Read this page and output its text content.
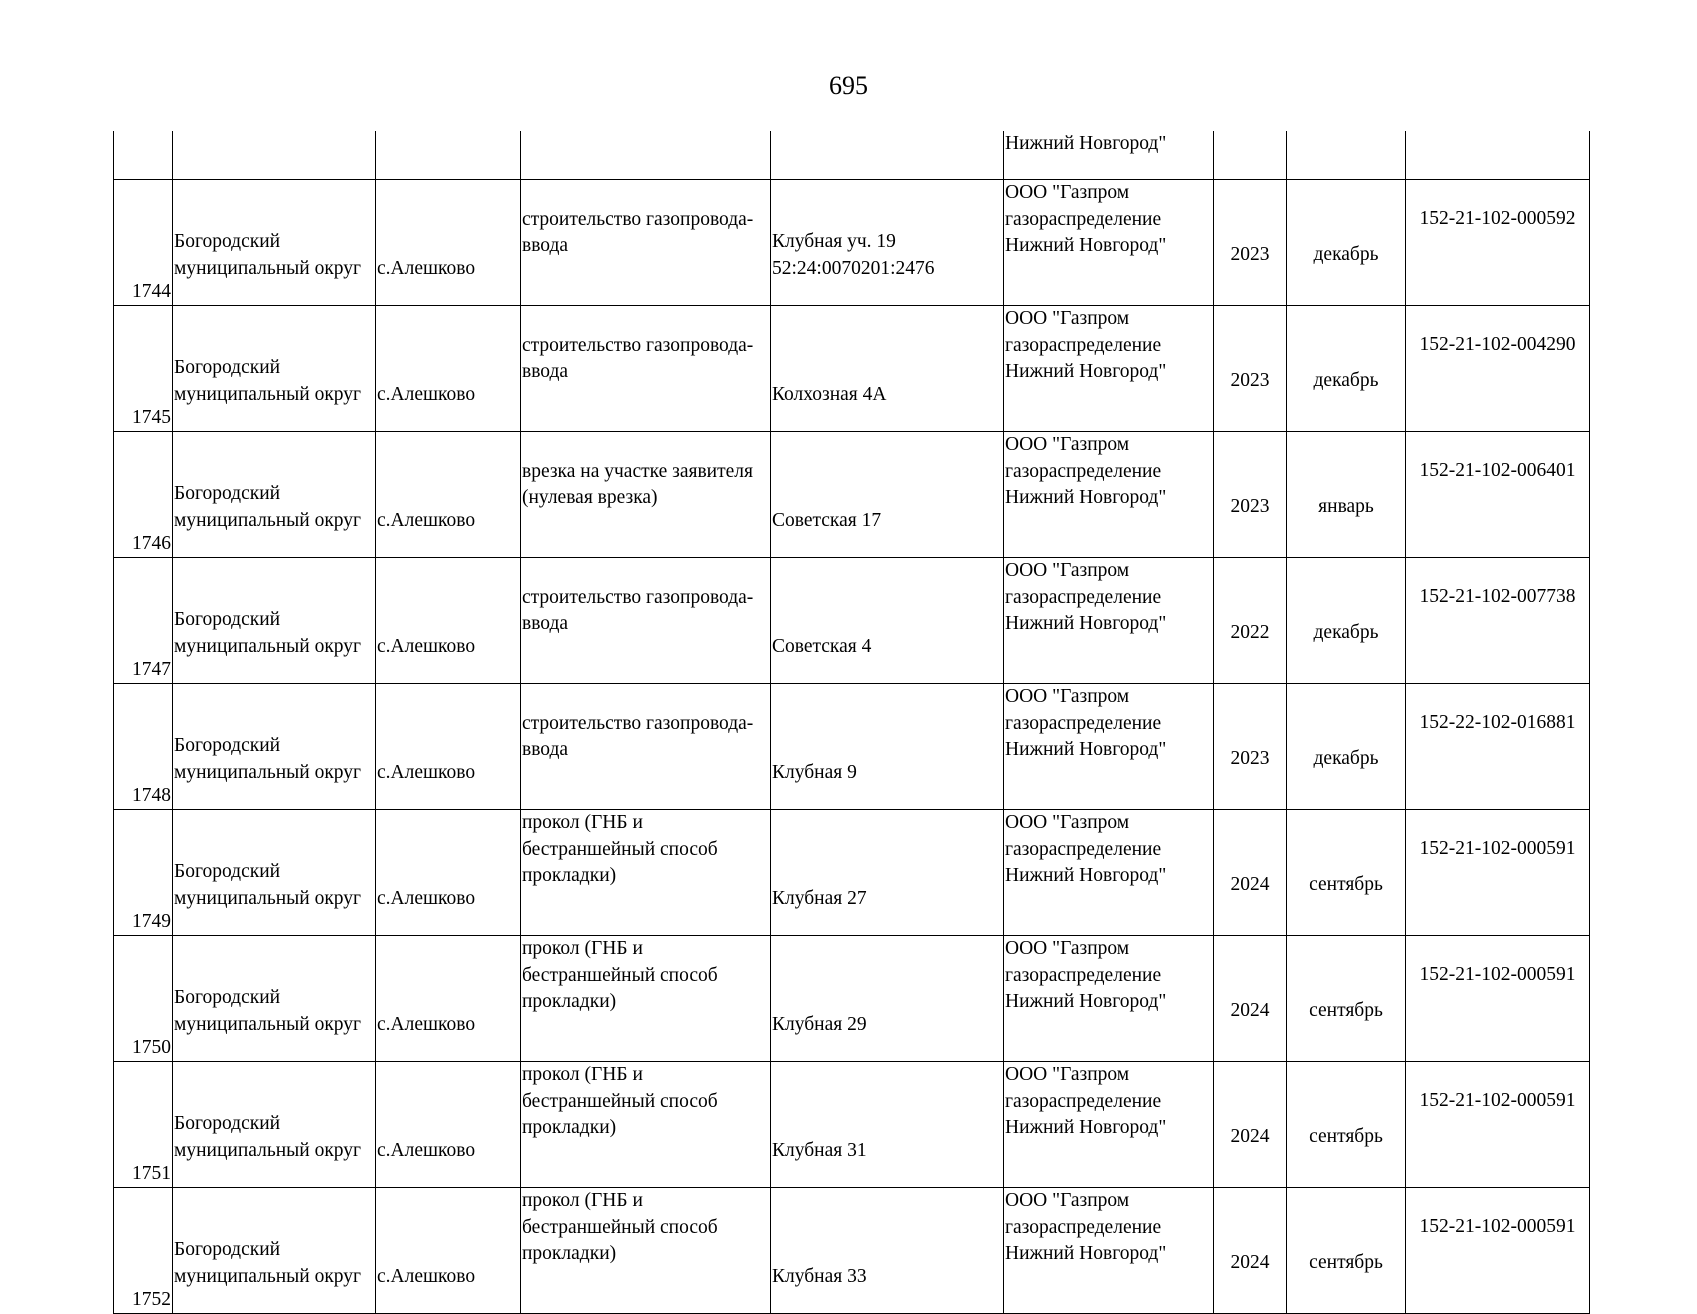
695

					Нижний Новгород"			

1744	Богородский
муниципальный округ	с.Алешково	строительство газопровода-
ввода	Клубная уч. 19
52:24:0070201:2476	ООО "Газпром
газораспределение
Нижний Новгород"	2023	декабрь	152-21-102-000592

1745	Богородский
муниципальный округ	с.Алешково	строительство газопровода-
ввода	Колхозная 4А	ООО "Газпром
газораспределение
Нижний Новгород"	2023	декабрь	152-21-102-004290

1746	Богородский
муниципальный округ	с.Алешково	врезка на участке заявителя
(нулевая врезка)	Советская 17	ООО "Газпром
газораспределение
Нижний Новгород"	2023	январь	152-21-102-006401

1747	Богородский
муниципальный округ	с.Алешково	строительство газопровода-
ввода	Советская 4	ООО "Газпром
газораспределение
Нижний Новгород"	2022	декабрь	152-21-102-007738

1748	Богородский
муниципальный округ	с.Алешково	строительство газопровода-
ввода	Клубная 9	ООО "Газпром
газораспределение
Нижний Новгород"	2023	декабрь	152-22-102-016881

1749	Богородский
муниципальный округ	с.Алешково	прокол (ГНБ и
бестраншейный способ
прокладки)	Клубная 27	ООО "Газпром
газораспределение
Нижний Новгород"	2024	сентябрь	152-21-102-000591

1750	Богородский
муниципальный округ	с.Алешково	прокол (ГНБ и
бестраншейный способ
прокладки)	Клубная 29	ООО "Газпром
газораспределение
Нижний Новгород"	2024	сентябрь	152-21-102-000591

1751	Богородский
муниципальный округ	с.Алешково	прокол (ГНБ и
бестраншейный способ
прокладки)	Клубная 31	ООО "Газпром
газораспределение
Нижний Новгород"	2024	сентябрь	152-21-102-000591

1752	Богородский
муниципальный округ	с.Алешково	прокол (ГНБ и
бестраншейный способ
прокладки)	Клубная 33	ООО "Газпром
газораспределение
Нижний Новгород"	2024	сентябрь	152-21-102-000591
